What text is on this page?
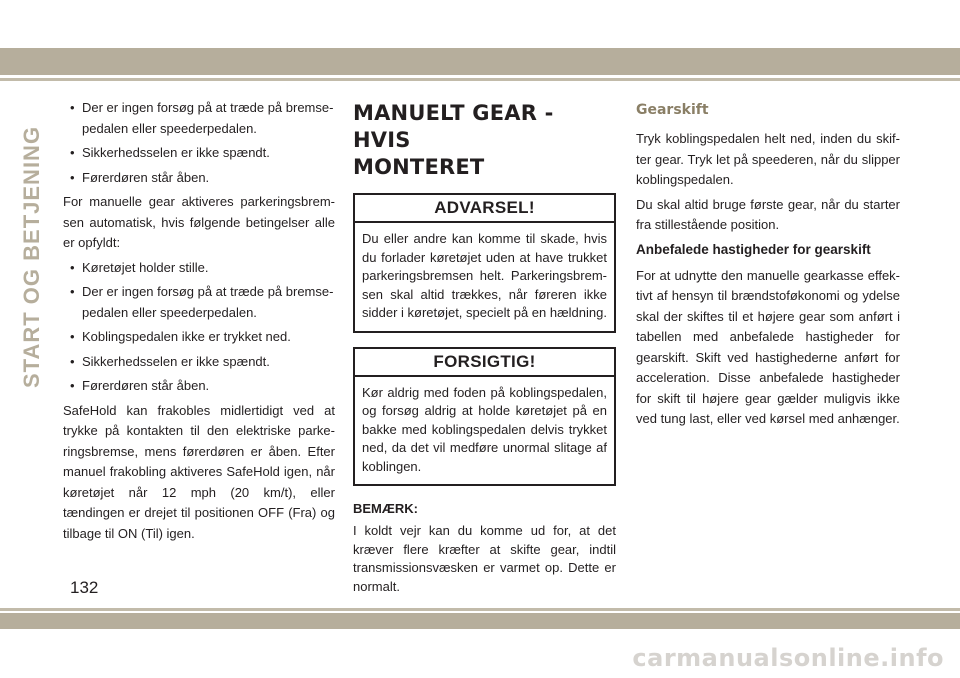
START OG BETJENING
• Der er ingen forsøg på at træde på bremse-pedalen eller speederpedalen.
• Sikkerhedsselen er ikke spændt.
• Førerdøren står åben.

For manuelle gear aktiveres parkeringsbrem-sen automatisk, hvis følgende betingelser alle er opfyldt:

• Køretøjet holder stille.
• Der er ingen forsøg på at træde på bremse-pedalen eller speederpedalen.
• Koblingspedalen ikke er trykket ned.
• Sikkerhedsselen er ikke spændt.
• Førerdøren står åben.

SafeHold kan frakobles midlertidigt ved at trykke på kontakten til den elektriske parke-ringsbremse, mens førerdøren er åben. Efter manuel frakobling aktiveres SafeHold igen, når køretøjet når 12 mph (20 km/t), eller tændingen er drejet til positionen OFF (Fra) og tilbage til ON (Til) igen.

MANUELT GEAR - HVIS
MONTERET
ADVARSEL!
Du eller andre kan komme til skade, hvis du forlader køretøjet uden at have trukket parkeringsbremsen helt. Parkeringsbrem-sen skal altid trækkes, når føreren ikke sidder i køretøjet, specielt på en hældning.
FORSIGTIG!
Kør aldrig med foden på koblingspedalen, og forsøg aldrig at holde køretøjet på en bakke med koblingspedalen delvis trykket ned, da det vil medføre unormal slitage af koblingen.

BEMÆRK:

I koldt vejr kan du komme ud for, at det kræver flere kræfter at skifte gear, indtil transmissionsvæsken er varmet op. Dette er normalt.

Gearskift

Tryk koblingspedalen helt ned, inden du skif-ter gear. Tryk let på speederen, når du slipper koblingspedalen.

Du skal altid bruge første gear, når du starter fra stillestående position.

Anbefalede hastigheder for gearskift

For at udnytte den manuelle gearkasse effek-tivt af hensyn til brændstoføkonomi og ydelse skal der skiftes til et højere gear som anført i tabellen med anbefalede hastigheder for gearskift. Skift ved hastighederne anført for acceleration. Disse anbefalede hastigheder for skift til højere gear gælder muligvis ikke ved tung last, eller ved kørsel med anhænger.

132
carmanualsonline.info
